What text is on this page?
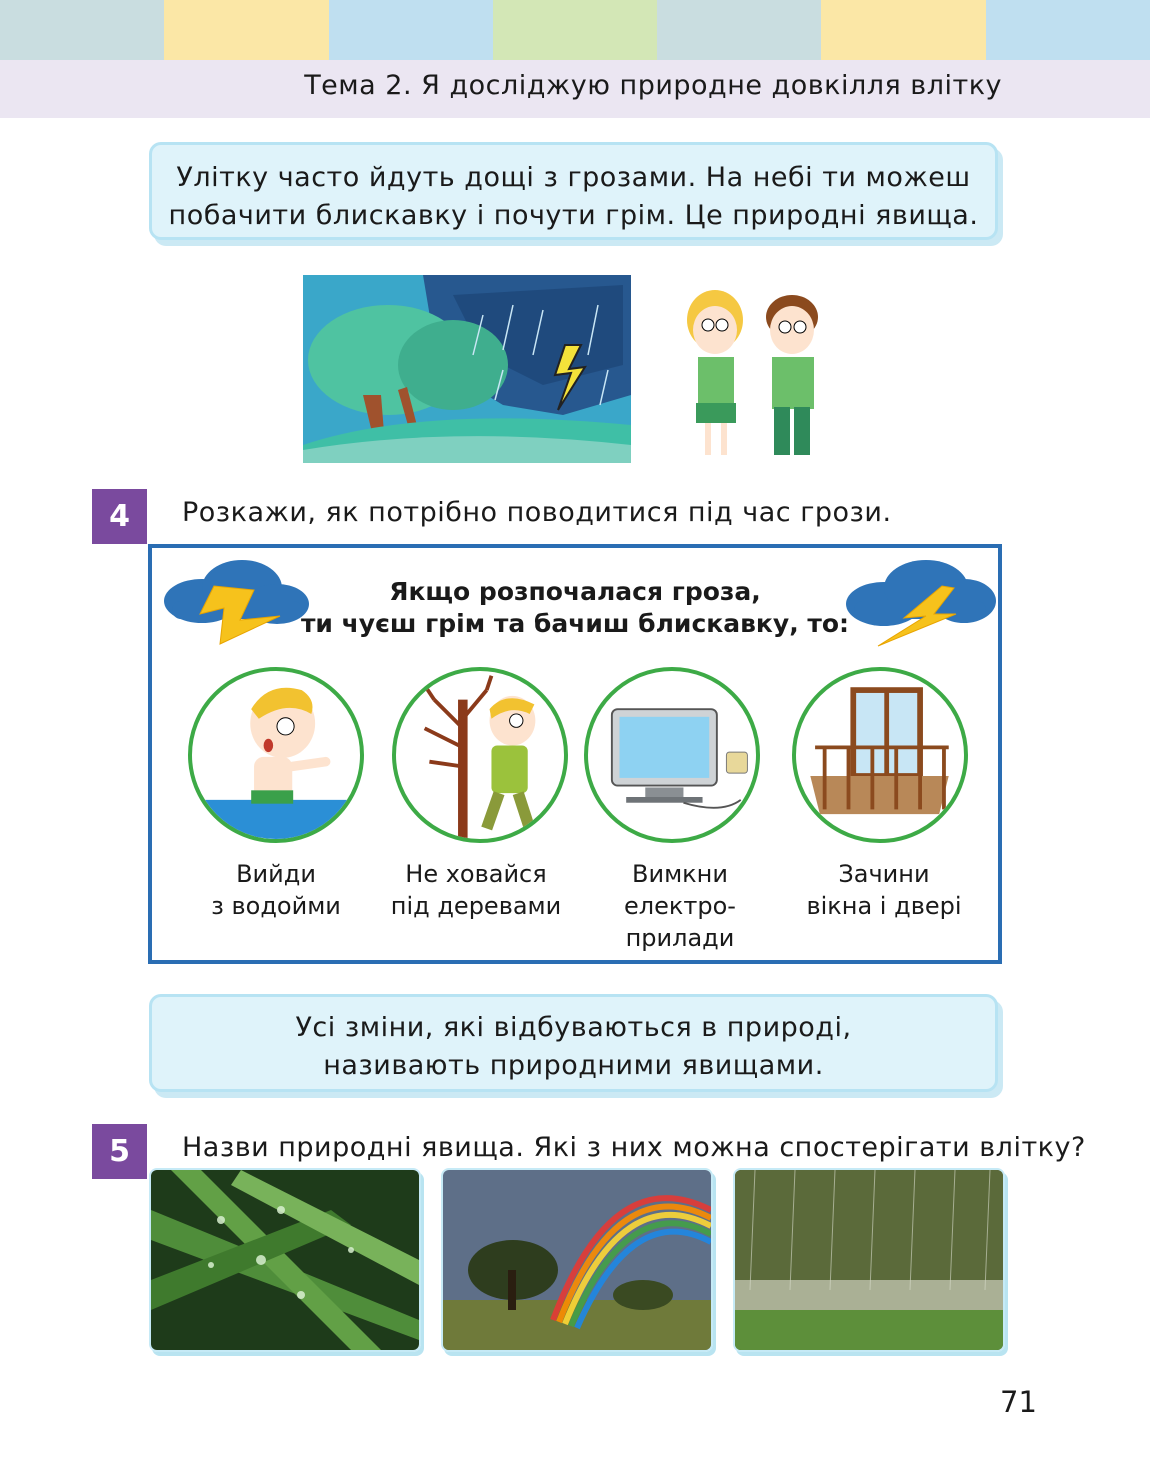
Тема 2. Я досліджую природне довкілля влітку
Улітку часто йдуть дощі з грозами. На небі ти можеш
побачити блискавку і почути грім. Це природні явища.
4	Розкажи, як потрібно поводитися під час грози.
Якщо розпочалася гроза,
ти чуєш грім та бачиш блискавку, то:
Вийди
з водойми
Не ховайся
під деревами
Вимкни
електро-
прилади
Зачини
вікна і двері
Усі зміни, які відбуваються в природі,
називають природними явищами.
5	Назви природні явища. Які з них можна спостерігати влітку?
71
